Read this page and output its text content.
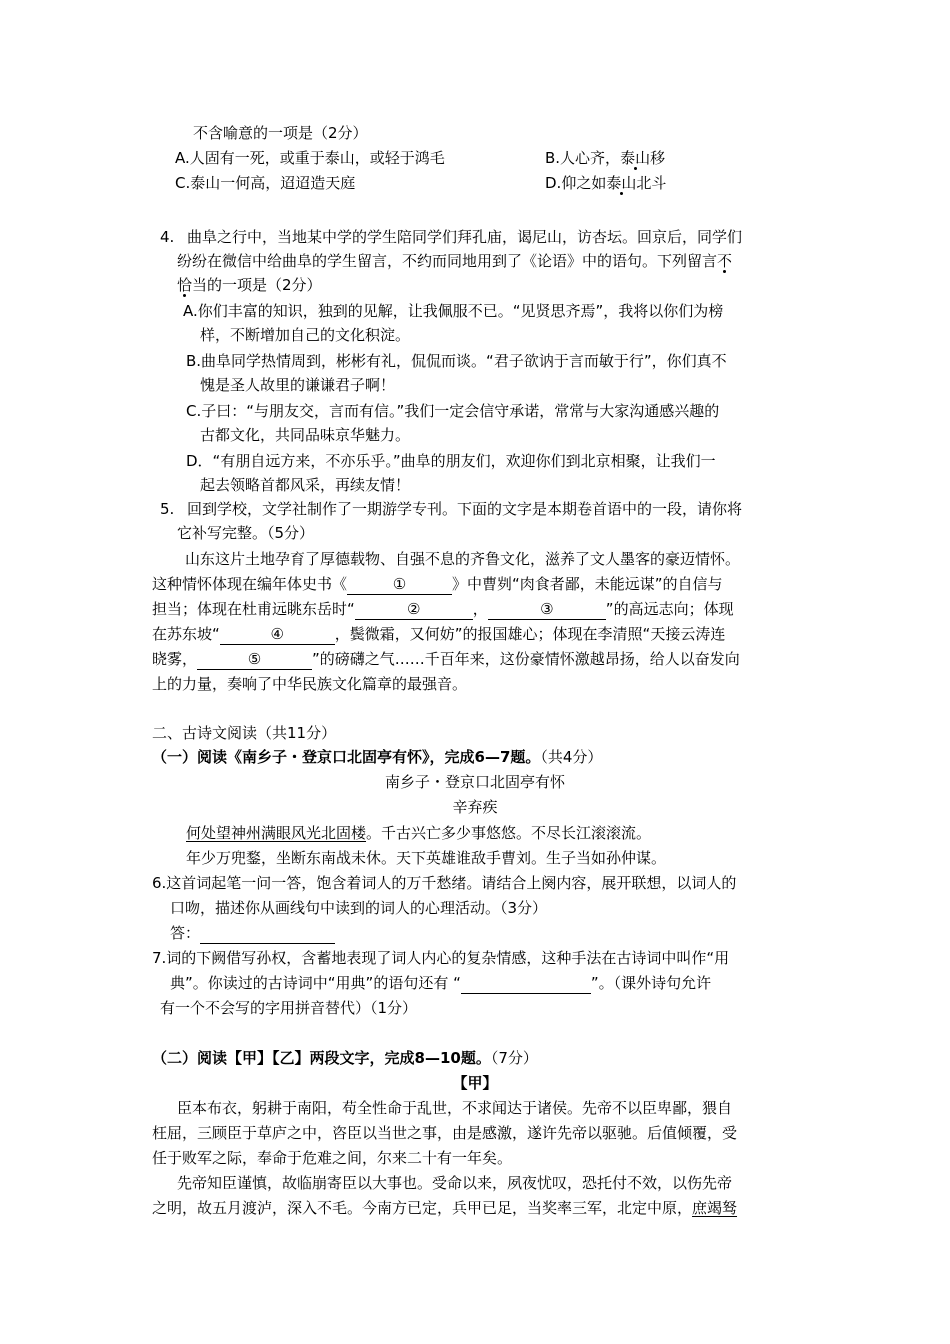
不含喻意的一项是（2分）
A.人固有一死，或重于泰山，或轻于鸿毛	B.人心齐，泰山移
C.泰山一何高，迢迢造天庭	D.仰之如泰山北斗
4. 曲阜之行中，当地某中学的学生陪同学们拜孔庙，谒尼山，访杏坛。回京后，同学们
纷纷在微信中给曲阜的学生留言，不约而同地用到了《论语》中的语句。下列留言不
恰当的一项是（2分）
A.你们丰富的知识，独到的见解，让我佩服不已。“见贤思齐焉”，我将以你们为榜
样，不断增加自己的文化积淀。
B.曲阜同学热情周到，彬彬有礼，侃侃而谈。“君子欲讷于言而敏于行”，你们真不
愧是圣人故里的谦谦君子啊！
C.子曰：“与朋友交，言而有信。”我们一定会信守承诺，常常与大家沟通感兴趣的
古都文化，共同品味京华魅力。
D．“有朋自远方来，不亦乐乎。”曲阜的朋友们，欢迎你们到北京相聚，让我们一
起去领略首都风采，再续友情！
5. 回到学校，文学社制作了一期游学专刊。下面的文字是本期卷首语中的一段，请你将
它补写完整。（5分）
山东这片土地孕育了厚德载物、自强不息的齐鲁文化，滋养了文人墨客的豪迈情怀。
这种情怀体现在编年体史书《	①	》中曹刿“肉食者鄙，未能远谋”的自信与
担当；体现在杜甫远眺东岳时“	②	，	③	”的高远志向；体现
在苏东坡“	④	，鬓微霜，又何妨”的报国雄心；体现在李清照“天接云涛连
晓雾，	⑤	”的磅礴之气……千百年来，这份豪情怀激越昂扬，给人以奋发向
上的力量，奏响了中华民族文化篇章的最强音。
二、古诗文阅读（共11分）
（一）阅读《南乡子・登京口北固亭有怀》，完成6—7题。（共4分）
南乡子・登京口北固亭有怀
辛弃疾
何处望神州满眼风光北固楼。千古兴亡多少事悠悠。不尽长江滚滚流。
年少万兜鍪，坐断东南战未休。天下英雄谁敌手曹刘。生子当如孙仲谋。
6.这首词起笔一问一答，饱含着词人的万千愁绪。请结合上阕内容，展开联想，以词人的
口吻，描述你从画线句中读到的词人的心理活动。（3分）
答：
7.词的下阙借写孙权，含蓄地表现了词人内心的复杂情感，这种手法在古诗词中叫作“用
典”。你读过的古诗词中“用典”的语句还有 “	”。（课外诗句允许
有一个不会写的字用拼音替代）（1分）
（二）阅读【甲】【乙】两段文字，完成8—10题。（7分）
【甲】
臣本布衣，躬耕于南阳，苟全性命于乱世，不求闻达于诸侯。先帝不以臣卑鄙，猥自
枉屈，三顾臣于草庐之中，咨臣以当世之事，由是感激，遂许先帝以驱驰。后值倾覆，受
任于败军之际，奉命于危难之间，尔来二十有一年矣。
先帝知臣谨慎，故临崩寄臣以大事也。受命以来，夙夜忧叹，恐托付不效，以伤先帝
之明，故五月渡泸，深入不毛。今南方已定，兵甲已足，当奖率三军，北定中原，庶竭驽
